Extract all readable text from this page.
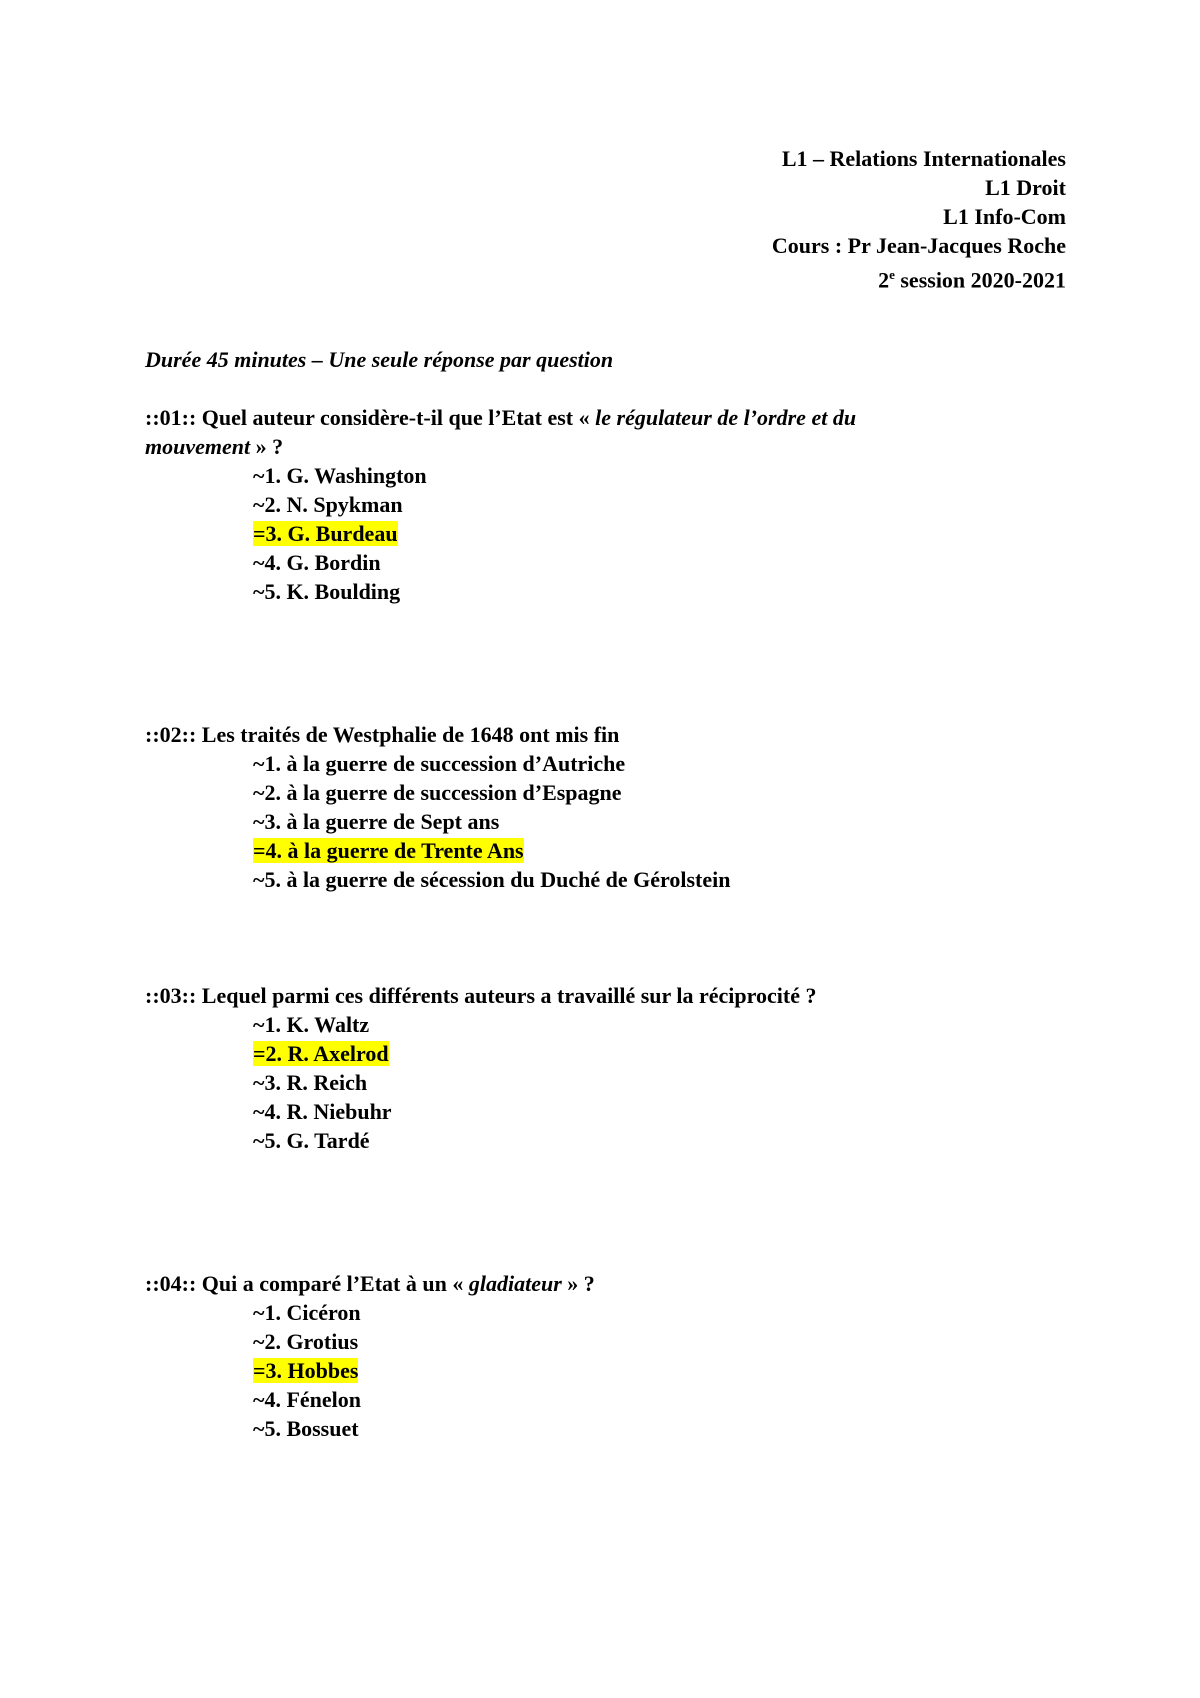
L1 – Relations Internationales
L1 Droit
L1 Info-Com
Cours : Pr Jean-Jacques Roche
2e session 2020-2021
Durée 45 minutes – Une seule réponse par question
::01:: Quel auteur considère-t-il que l’Etat est « le régulateur de l’ordre et du
mouvement » ?
~1. G. Washington
~2. N. Spykman
=3. G. Burdeau
~4. G. Bordin
~5. K. Boulding
::02:: Les traités de Westphalie de 1648 ont mis fin
~1. à la guerre de succession d’Autriche
~2. à la guerre de succession d’Espagne
~3. à la guerre de Sept ans
=4. à la guerre de Trente Ans
~5. à la guerre de sécession du Duché de Gérolstein
::03:: Lequel parmi ces différents auteurs a travaillé sur la réciprocité ?
~1. K. Waltz
=2. R. Axelrod
~3. R. Reich
~4. R. Niebuhr
~5. G. Tardé
::04:: Qui a comparé l’Etat à un « gladiateur » ?
~1. Cicéron
~2. Grotius
=3. Hobbes
~4. Fénelon
~5. Bossuet
